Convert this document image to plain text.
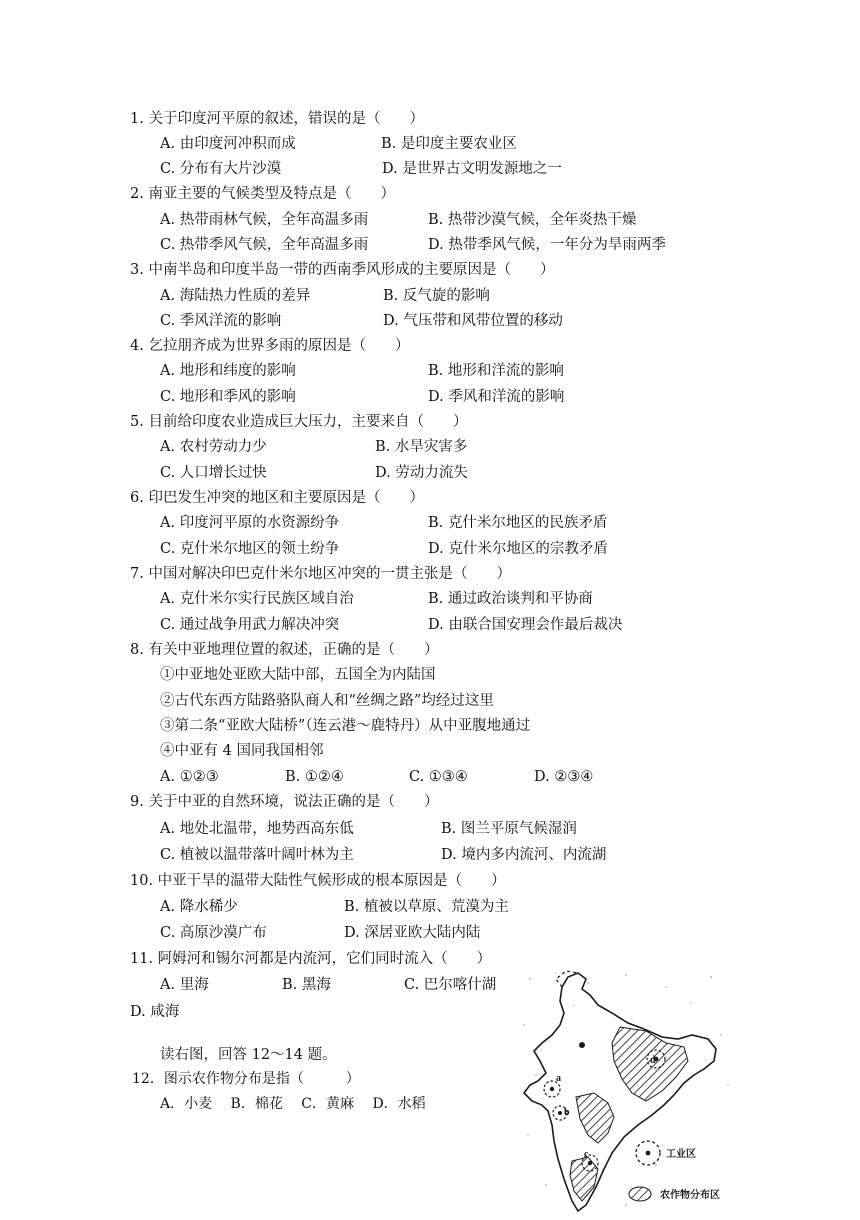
1. 关于印度河平原的叙述，错误的是（　　）
A. 由印度河冲积而成	B. 是印度主要农业区
C. 分布有大片沙漠	D. 是世界古文明发源地之一
2. 南亚主要的气候类型及特点是（　　）
A. 热带雨林气候，全年高温多雨	B. 热带沙漠气候，全年炎热干燥
C. 热带季风气候，全年高温多雨	D. 热带季风气候，一年分为旱雨两季
3. 中南半岛和印度半岛一带的西南季风形成的主要原因是（　　）
A. 海陆热力性质的差异	B. 反气旋的影响
C. 季风洋流的影响	D. 气压带和风带位置的移动
4. 乞拉朋齐成为世界多雨的原因是（　　）
A. 地形和纬度的影响	B. 地形和洋流的影响
C. 地形和季风的影响	D. 季风和洋流的影响
5. 目前给印度农业造成巨大压力，主要来自（　　）
A. 农村劳动力少	B. 水旱灾害多
C. 人口增长过快	D. 劳动力流失
6. 印巴发生冲突的地区和主要原因是（　　）
A. 印度河平原的水资源纷争	B. 克什米尔地区的民族矛盾
C. 克什米尔地区的领土纷争	D. 克什米尔地区的宗教矛盾
7. 中国对解决印巴克什米尔地区冲突的一贯主张是（　　）
A. 克什米尔实行民族区域自治	B. 通过政治谈判和平协商
C. 通过战争用武力解决冲突	D. 由联合国安理会作最后裁决
8. 有关中亚地理位置的叙述，正确的是（　　）
①中亚地处亚欧大陆中部，五国全为内陆国
②古代东西方陆路骆队商人和“丝绸之路”均经过这里
③第二条“亚欧大陆桥”（连云港～鹿特丹）从中亚腹地通过
④中亚有 4 国同我国相邻
A. ①②③	B. ①②④	C. ①③④	D. ②③④
9. 关于中亚的自然环境，说法正确的是（　　）
A. 地处北温带，地势西高东低	B. 图兰平原气候湿润
C. 植被以温带落叶阔叶林为主	D. 境内多内流河、内流湖
10. 中亚干旱的温带大陆性气候形成的根本原因是（　　）
A. 降水稀少	B. 植被以草原、荒漠为主
C. 高原沙漠广布	D. 深居亚欧大陆内陆
11. 阿姆河和锡尔河都是内流河，它们同时流入（　　）
A. 里海	B. 黑海	C. 巴尔喀什湖
D. 咸海
读右图，回答 12～14 题。
12．图示农作物分布是指（　　　）
A．小麦　 B．棉花　 C．黄麻　 D．水稻
a
b
c
d
工业区
农作物分布区
